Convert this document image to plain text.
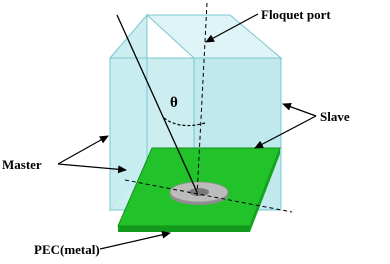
θ
Floquet port
Slave
Master
PEC(metal)
